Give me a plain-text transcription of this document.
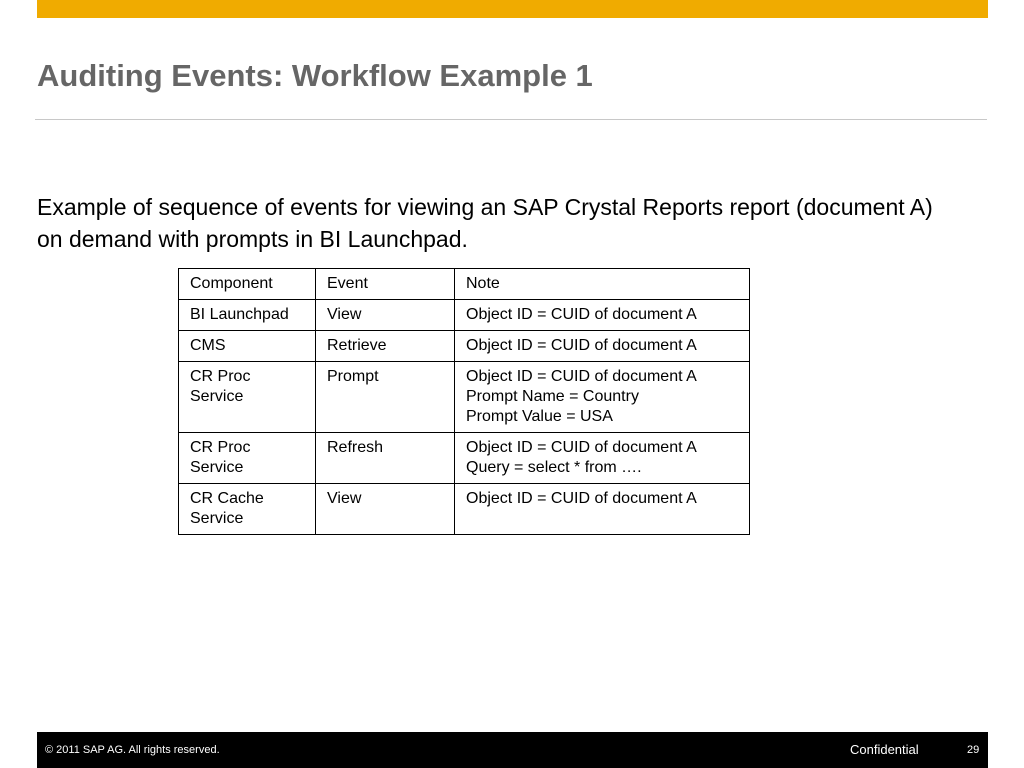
Auditing Events: Workflow Example 1

Example of sequence of events for viewing an SAP Crystal Reports report (document A) on demand with prompts in BI Launchpad.

Component	Event	Note
BI Launchpad	View	Object ID = CUID of document A

CMS	Retrieve	Object ID = CUID of document A

CR Proc Service	Prompt	Object ID = CUID of document A
Prompt Name = Country
Prompt Value = USA

CR Proc Service	Refresh	Object ID = CUID of document A
Query = select * from ….

CR Cache Service	View	Object ID = CUID of document A
© 2011 SAP AG. All rights reserved.	Confidential	29
